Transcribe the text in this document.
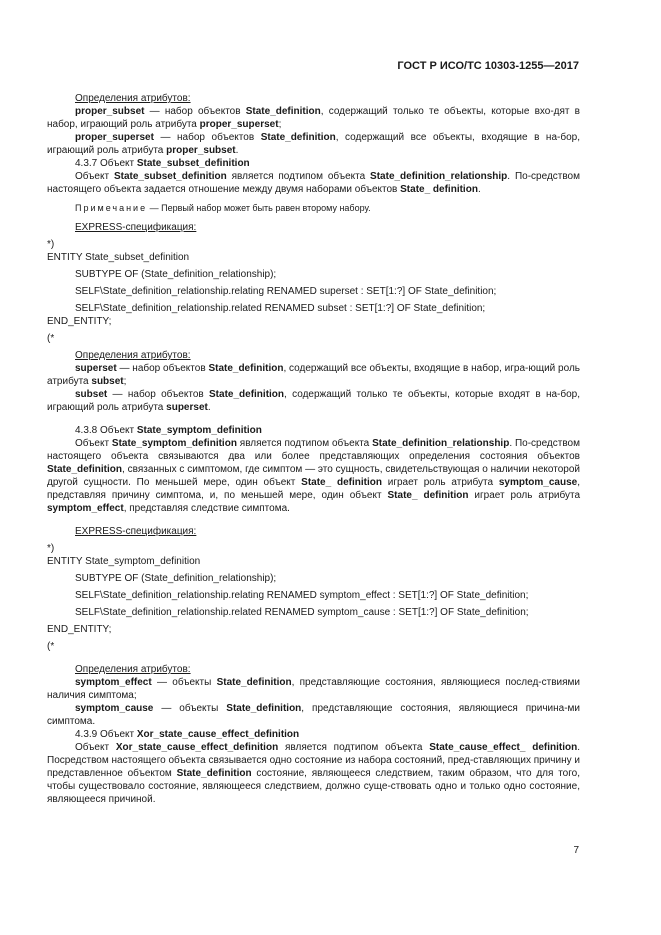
ГОСТ Р ИСО/ТС 10303-1255—2017

Определения атрибутов:

proper_subset — набор объектов State_definition, содержащий только те объекты, которые вхо-дят в набор, играющий роль атрибута proper_superset;

proper_superset — набор объектов State_definition, содержащий все объекты, входящие в на-бор, играющий роль атрибута proper_subset.

4.3.7 Объект State_subset_definition

Объект State_subset_definition является подтипом объекта State_definition_relationship. По-средством настоящего объекта задается отношение между двумя наборами объектов State_ definition.

Примечание — Первый набор может быть равен второму набору.

EXPRESS-спецификация:

*)

ENTITY State_subset_definition

SUBTYPE OF (State_definition_relationship);

SELF\State_definition_relationship.relating RENAMED superset : SET[1:?] OF State_definition;

SELF\State_definition_relationship.related RENAMED subset : SET[1:?] OF State_definition;

END_ENTITY;

(*

Определения атрибутов:

superset — набор объектов State_definition, содержащий все объекты, входящие в набор, игра-ющий роль атрибута subset;

subset — набор объектов State_definition, содержащий только те объекты, которые входят в на-бор, играющий роль атрибута superset.

4.3.8 Объект State_symptom_definition

Объект State_symptom_definition является подтипом объекта State_definition_relationship. По-средством настоящего объекта связываются два или более представляющих определения состояния объектов State_definition, связанных с симптомом, где симптом — это сущность, свидетельствующая о наличии некоторой другой сущности. По меньшей мере, один объект State_ definition играет роль атрибута symptom_cause, представляя причину симптома, и, по меньшей мере, один объект State_ definition играет роль атрибута symptom_effect, представляя следствие симптома.

EXPRESS-спецификация:

*)

ENTITY State_symptom_definition

SUBTYPE OF (State_definition_relationship);

SELF\State_definition_relationship.relating RENAMED symptom_effect : SET[1:?] OF State_definition;

SELF\State_definition_relationship.related RENAMED symptom_cause : SET[1:?] OF State_definition;

END_ENTITY;

(*

Определения атрибутов:

symptom_effect — объекты State_definition, представляющие состояния, являющиеся послед-ствиями наличия симптома;

symptom_cause — объекты State_definition, представляющие состояния, являющиеся причина-ми симптома.

4.3.9 Объект Xor_state_cause_effect_definition

Объект Xor_state_cause_effect_definition является подтипом объекта State_cause_effect_ definition. Посредством настоящего объекта связывается одно состояние из набора состояний, пред-ставляющих причину и представленное объектом State_definition состояние, являющееся следствием, таким образом, что для того, чтобы существовало состояние, являющееся следствием, должно суще-ствовать одно и только одно состояние, являющееся причиной.

7
